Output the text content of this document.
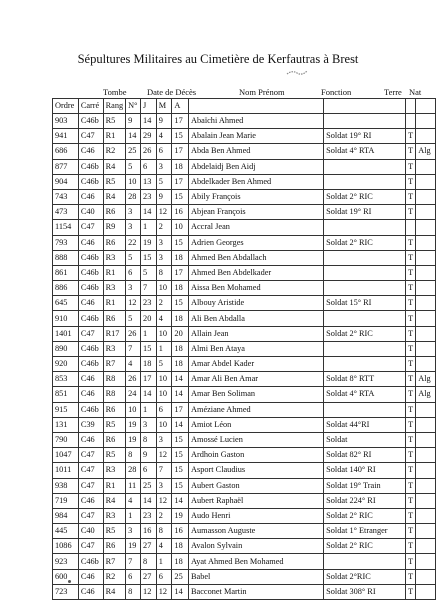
Sépultures Militaires au Cimetière de Kerfautras à Brest
Tombe Date de Décès	Nom Prénom	Fonction	Terre Nat
Ordre	Carré	Rang	N°	J	M	A				
903	C46b	R5	9	14	9	17	Abaïchi Ahmed			
941	C47	R1	14	29	4	15	Abalain Jean Marie	Soldat 19° RI	T	
686	C46	R2	25	26	6	17	Abda Ben Ahmed	Soldat 4° RTA	T	Alg
877	C46b	R4	5	6	3	18	Abdelaidj Ben Aidj		T	
904	C46b	R5	10	13	5	17	Abdelkader Ben Ahmed		T	
743	C46	R4	28	23	9	15	Abily François	Soldat 2° RIC	T	
473	C40	R6	3	14	12	16	Abjean François	Soldat 19° RI	T	
1154	C47	R9	3	1	2	10	Accral Jean			
793	C46	R6	22	19	3	15	Adrien Georges	Soldat 2° RIC	T	
888	C46b	R3	5	15	3	18	Ahmed Ben Abdallach		T	
861	C46b	R1	6	5	8	17	Ahmed Ben Abdelkader		T	
886	C46b	R3	3	7	10	18	Aissa Ben Mohamed		T	
645	C46	R1	12	23	2	15	Albouy Aristide	Soldat 15° RI	T	
910	C46b	R6	5	20	4	18	Ali Ben Abdalla		T	
1401	C47	R17	26	1	10	20	Allain Jean	Soldat 2° RIC	T	
890	C46b	R3	7	15	1	18	Almi Ben Ataya		T	
920	C46b	R7	4	18	5	18	Amar Abdel Kader		T	
853	C46	R8	26	17	10	14	Amar Ali Ben Amar	Soldat 8° RTT	T	Alg
851	C46	R8	24	14	10	14	Amar Ben Soliman	Soldat 4° RTA	T	Alg
915	C46b	R6	10	1	6	17	Améziane Ahmed		T	
131	C39	R5	19	3	10	14	Amiot Léon	Soldat 44°RI	T	
790	C46	R6	19	8	3	15	Amossé Lucien	Soldat	T	
1047	C47	R5	8	9	12	15	Ardhoin Gaston	Soldat 82° RI	T	
1011	C47	R3	28	6	7	15	Asport Claudius	Soldat 140° RI	T	
938	C47	R1	11	25	3	15	Aubert Gaston	Soldat 19° Train	T	
719	C46	R4	4	14	12	14	Aubert Raphaël	Soldat 224° RI	T	
984	C47	R3	1	23	2	19	Audo Henri	Soldat 2° RIC	T	
445	C40	R5	3	16	8	16	Aumasson Auguste	Soldat 1° Etranger	T	
1086	C47	R6	19	27	4	18	Avalon Sylvain	Soldat 2° RIC	T	
923	C46b	R7	7	8	1	18	Ayat Ahmed Ben Mohamed		T	
600	C46	R2	6	27	6	25	Babel	Soldat 2°RIC	T	
723	C46	R4	8	12	12	14	Bacconet Martin	Soldat 308° RI	T	
